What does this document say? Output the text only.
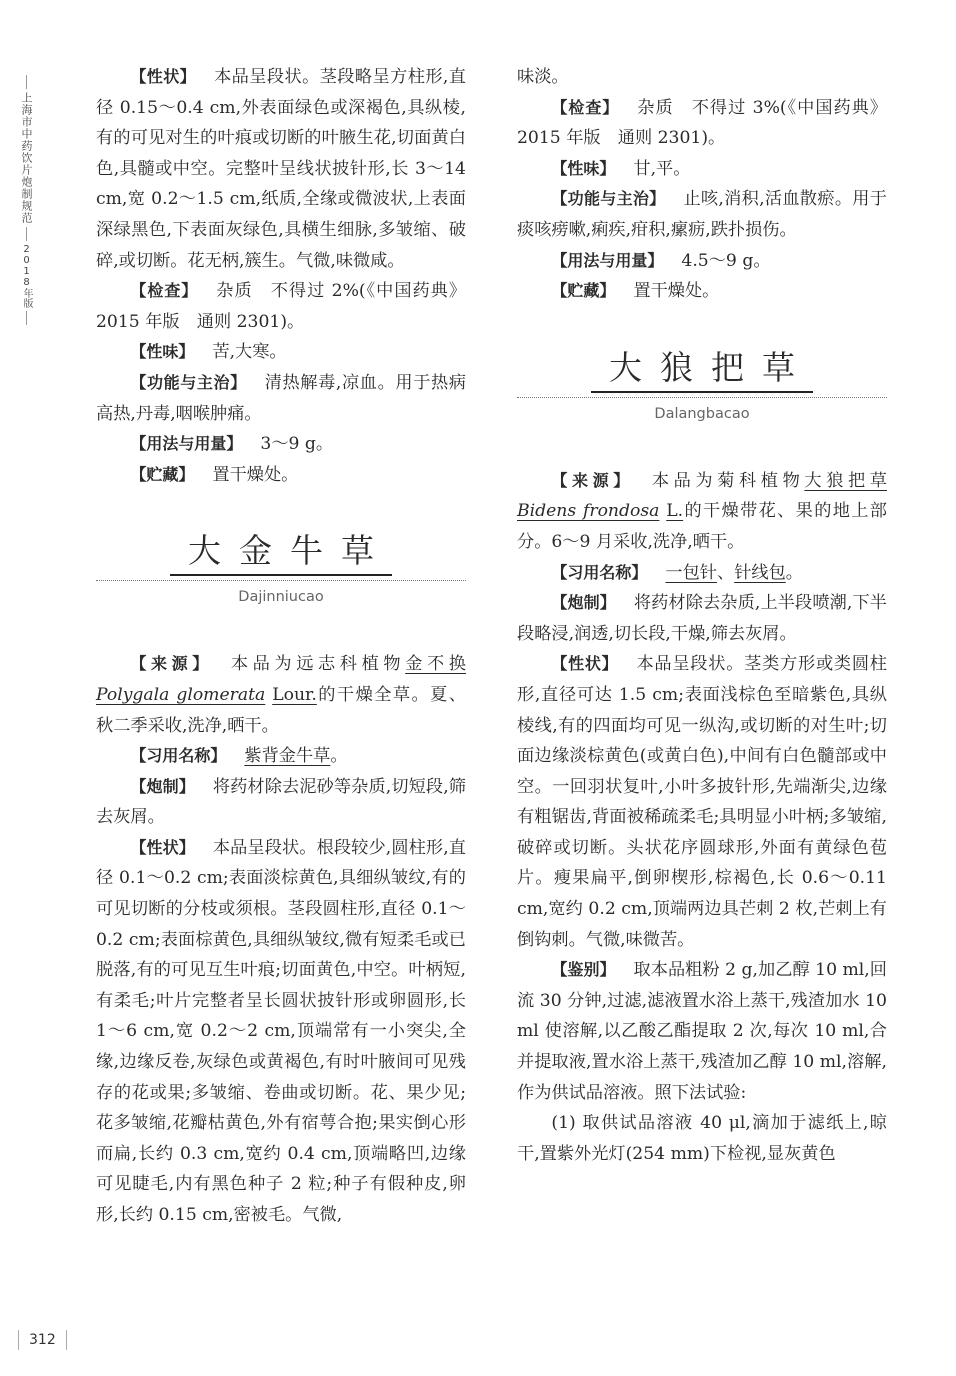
上海市中药饮片炮制规范
2018年版

【性状】 本品呈段状。茎段略呈方柱形,直径 0.15～0.4 cm,外表面绿色或深褐色,具纵棱,有的可见对生的叶痕或切断的叶腋生花,切面黄白色,具髓或中空。完整叶呈线状披针形,长 3～14 cm,宽 0.2～1.5 cm,纸质,全缘或微波状,上表面深绿黑色,下表面灰绿色,具横生细脉,多皱缩、破碎,或切断。花无柄,簇生。气微,味微咸。

【检查】 杂质　不得过 2%(《中国药典》2015 年版　通则 2301)。

【性味】 苦,大寒。

【功能与主治】 清热解毒,凉血。用于热病高热,丹毒,咽喉肿痛。

【用法与用量】 3～9 g。

【贮藏】 置干燥处。

大金牛草
Dajinniucao

【来源】 本品为远志科植物金不换 Polygala glomerata Lour.的干燥全草。夏、秋二季采收,洗净,晒干。

【习用名称】 紫背金牛草。

【炮制】 将药材除去泥砂等杂质,切短段,筛去灰屑。

【性状】 本品呈段状。根段较少,圆柱形,直径 0.1～0.2 cm;表面淡棕黄色,具细纵皱纹,有的可见切断的分枝或须根。茎段圆柱形,直径 0.1～0.2 cm;表面棕黄色,具细纵皱纹,微有短柔毛或已脱落,有的可见互生叶痕;切面黄色,中空。叶柄短,有柔毛;叶片完整者呈长圆状披针形或卵圆形,长 1～6 cm,宽 0.2～2 cm,顶端常有一小突尖,全缘,边缘反卷,灰绿色或黄褐色,有时叶腋间可见残存的花或果;多皱缩、卷曲或切断。花、果少见;花多皱缩,花瓣枯黄色,外有宿萼合抱;果实倒心形而扁,长约 0.3 cm,宽约 0.4 cm,顶端略凹,边缘可见睫毛,内有黑色种子 2 粒;种子有假种皮,卵形,长约 0.15 cm,密被毛。气微,

味淡。

【检查】 杂质　不得过 3%(《中国药典》2015 年版　通则 2301)。

【性味】 甘,平。

【功能与主治】 止咳,消积,活血散瘀。用于痰咳痨嗽,痢疾,疳积,瘰疬,跌扑损伤。

【用法与用量】 4.5～9 g。

【贮藏】 置干燥处。

大狼把草
Dalangbacao

【来源】 本品为菊科植物大狼把草 Bidens frondosa L.的干燥带花、果的地上部分。6～9 月采收,洗净,晒干。

【习用名称】 一包针、针线包。

【炮制】 将药材除去杂质,上半段喷潮,下半段略浸,润透,切长段,干燥,筛去灰屑。

【性状】 本品呈段状。茎类方形或类圆柱形,直径可达 1.5 cm;表面浅棕色至暗紫色,具纵棱线,有的四面均可见一纵沟,或切断的对生叶;切面边缘淡棕黄色(或黄白色),中间有白色髓部或中空。一回羽状复叶,小叶多披针形,先端渐尖,边缘有粗锯齿,背面被稀疏柔毛;具明显小叶柄;多皱缩,破碎或切断。头状花序圆球形,外面有黄绿色苞片。瘦果扁平,倒卵楔形,棕褐色,长 0.6～0.11 cm,宽约 0.2 cm,顶端两边具芒刺 2 枚,芒刺上有倒钩刺。气微,味微苦。

【鉴别】 取本品粗粉 2 g,加乙醇 10 ml,回流 30 分钟,过滤,滤液置水浴上蒸干,残渣加水 10 ml 使溶解,以乙酸乙酯提取 2 次,每次 10 ml,合并提取液,置水浴上蒸干,残渣加乙醇 10 ml,溶解,作为供试品溶液。照下法试验:

(1) 取供试品溶液 40 μl,滴加于滤纸上,晾干,置紫外光灯(254 mm)下检视,显灰黄色

312
